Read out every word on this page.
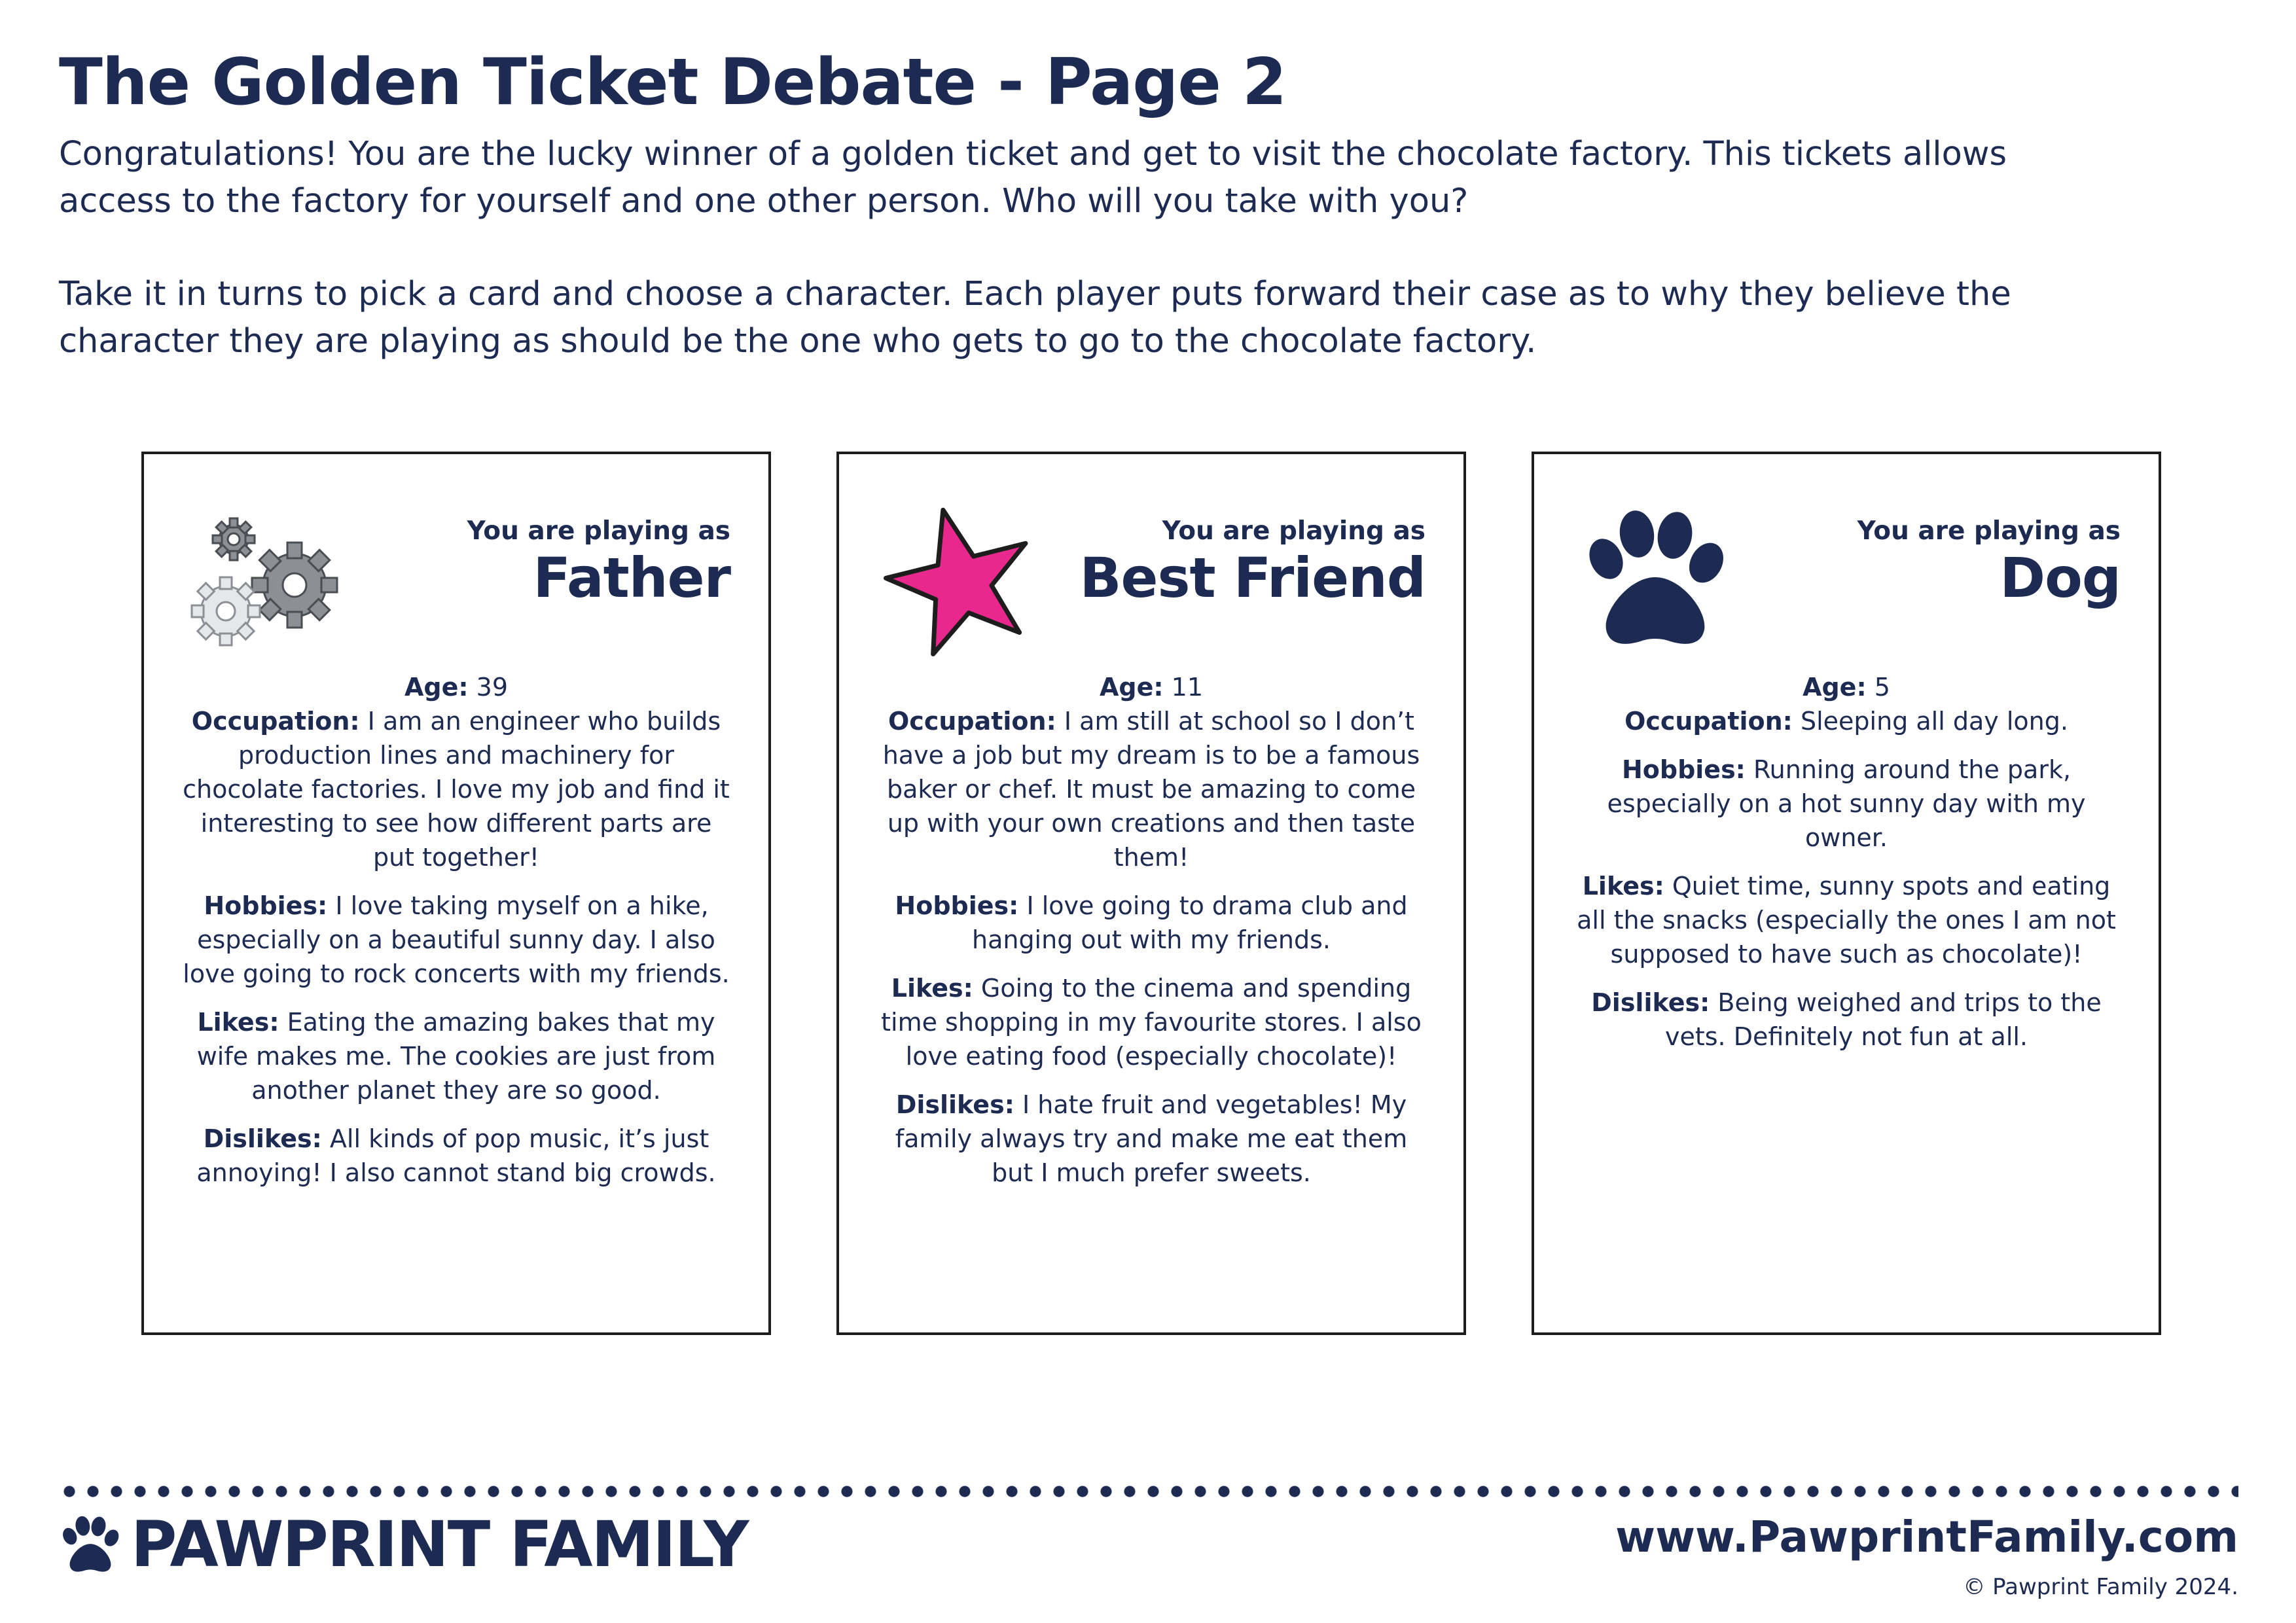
The Golden Ticket Debate - Page 2

Congratulations! You are the lucky winner of a golden ticket and get to visit the chocolate factory. This tickets allows access to the factory for yourself and one other person. Who will you take with you?

Take it in turns to pick a card and choose a character. Each player puts forward their case as to why they believe the character they are playing as should be the one who gets to go to the chocolate factory.

You are playing as
Father

Age: 39

Occupation: I am an engineer who builds production lines and machinery for chocolate factories. I love my job and find it interesting to see how different parts are put together!

Hobbies: I love taking myself on a hike, especially on a beautiful sunny day. I also love going to rock concerts with my friends.

Likes: Eating the amazing bakes that my wife makes me. The cookies are just from another planet they are so good.

Dislikes: All kinds of pop music, it’s just annoying! I also cannot stand big crowds.

You are playing as
Best Friend

Age: 11

Occupation: I am still at school so I don’t have a job but my dream is to be a famous baker or chef. It must be amazing to come up with your own creations and then taste them!

Hobbies: I love going to drama club and hanging out with my friends.

Likes: Going to the cinema and spending time shopping in my favourite stores. I also love eating food (especially chocolate)!

Dislikes: I hate fruit and vegetables! My family always try and make me eat them but I much prefer sweets.

You are playing as
Dog

Age: 5

Occupation: Sleeping all day long.

Hobbies: Running around the park, especially on a hot sunny day with my owner.

Likes: Quiet time, sunny spots and eating all the snacks (especially the ones I am not supposed to have such as chocolate)!

Dislikes: Being weighed and trips to the vets. Definitely not fun at all.

PAWPRINT FAMILY	www.PawprintFamily.com
© Pawprint Family 2024.
